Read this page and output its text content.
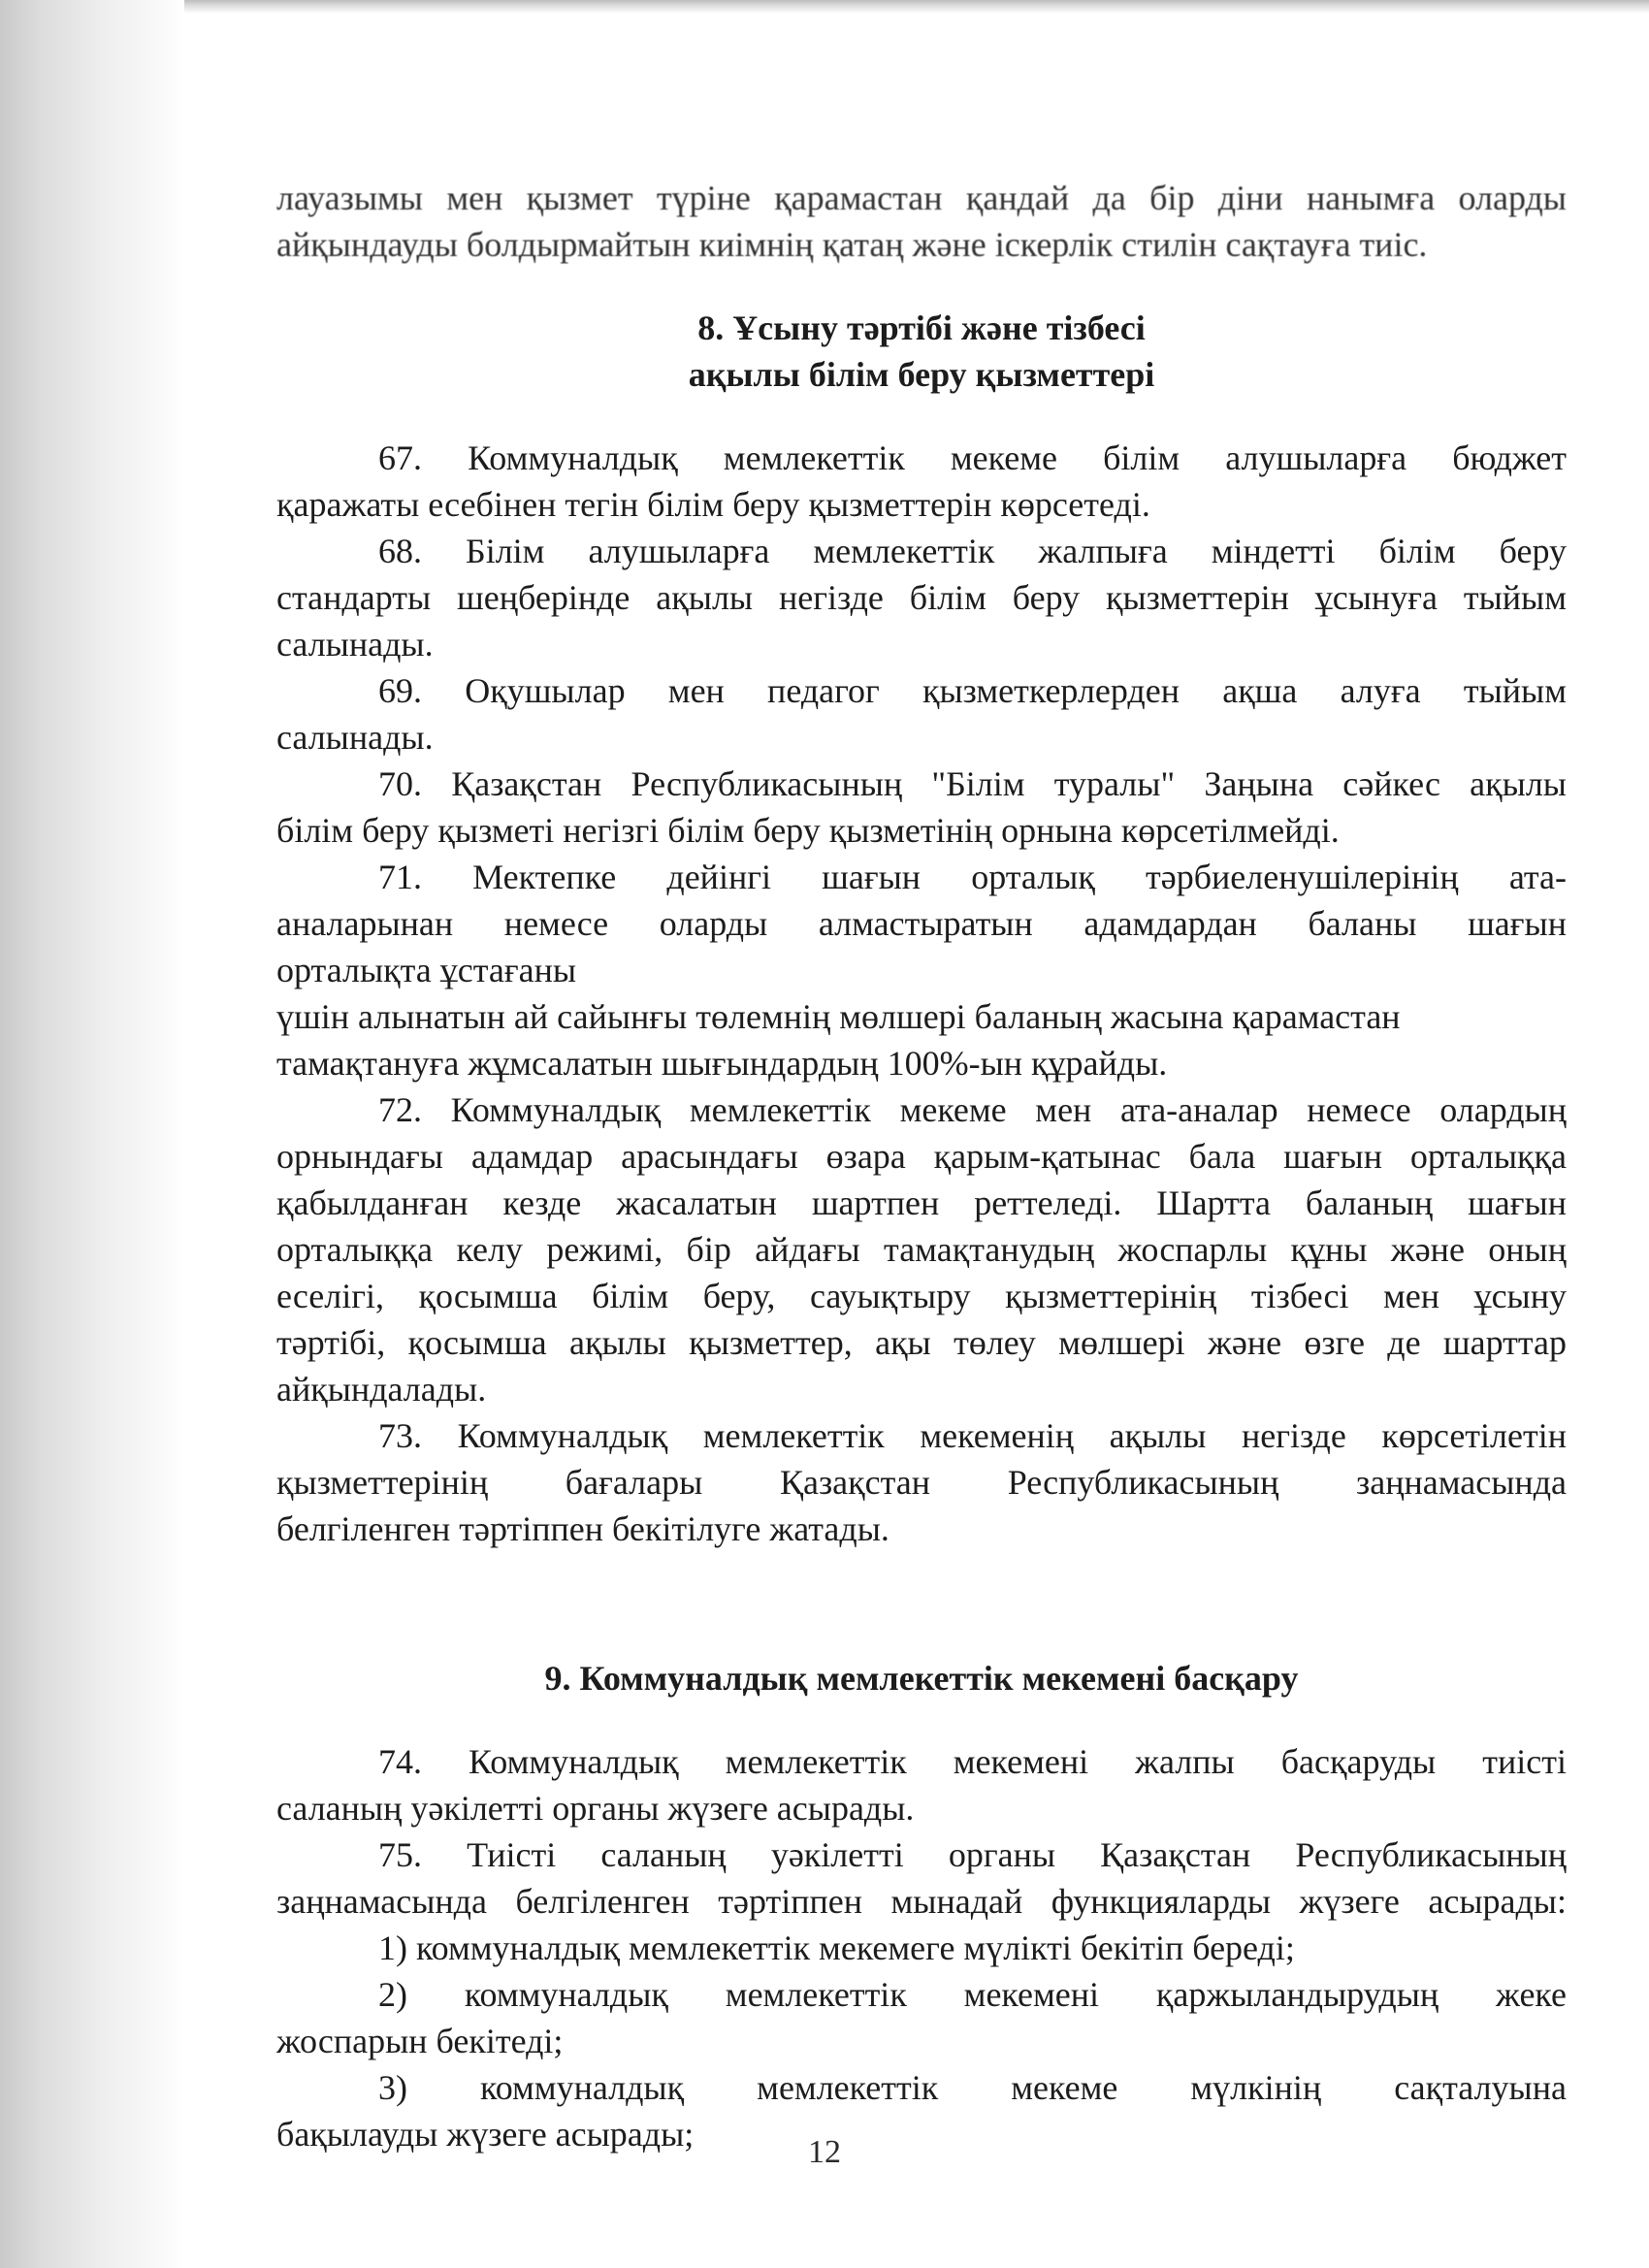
лауазымы мен қызмет түріне қарамастан қандай да бір діни нанымға оларды
айқындауды болдырмайтын киімнің қатаң және іскерлік стилін сақтауға тиіс.
8. Ұсыну тәртібі және тізбесі
ақылы білім беру қызметтері
67. Коммуналдық мемлекеттік мекеме білім алушыларға бюджет
қаражаты есебінен тегін білім беру қызметтерін көрсетеді.
68. Білім алушыларға мемлекеттік жалпыға міндетті білім беру
стандарты шеңберінде ақылы негізде білім беру қызметтерін ұсынуға тыйым
салынады.
69. Оқушылар мен педагог қызметкерлерден ақша алуға тыйым
салынады.
70. Қазақстан Республикасының "Білім туралы" Заңына сәйкес ақылы
білім беру қызметі негізгі білім беру қызметінің орнына көрсетілмейді.
71. Мектепке дейінгі шағын орталық тәрбиеленушілерінің ата-
аналарынан немесе оларды алмастыратын адамдардан баланы шағын
орталықта ұстағаны
үшін алынатын ай сайынғы төлемнің мөлшері баланың жасына қарамастан
тамақтануға жұмсалатын шығындардың 100%-ын құрайды.
72. Коммуналдық мемлекеттік мекеме мен ата-аналар немесе олардың
орнындағы адамдар арасындағы өзара қарым-қатынас бала шағын орталыққа
қабылданған кезде жасалатын шартпен реттеледі. Шартта баланың шағын
орталыққа келу режимі, бір айдағы тамақтанудың жоспарлы құны және оның
еселігі, қосымша білім беру, сауықтыру қызметтерінің тізбесі мен ұсыну
тәртібі, қосымша ақылы қызметтер, ақы төлеу мөлшері және өзге де шарттар
айқындалады.
73. Коммуналдық мемлекеттік мекеменің ақылы негізде көрсетілетін
қызметтерінің бағалары Қазақстан Республикасының заңнамасында
белгіленген тәртіппен бекітілуге жатады.
9. Коммуналдық мемлекеттік мекемені басқару
74. Коммуналдық мемлекеттік мекемені жалпы басқаруды тиісті
саланың уәкілетті органы жүзеге асырады.
75. Тиісті саланың уәкілетті органы Қазақстан Республикасының
заңнамасында белгіленген тәртіппен мынадай функцияларды жүзеге асырады:
1) коммуналдық мемлекеттік мекемеге мүлікті бекітіп береді;
2) коммуналдық мемлекеттік мекемені қаржыландырудың жеке
жоспарын бекітеді;
3) коммуналдық мемлекеттік мекеме мүлкінің сақталуына
бақылауды жүзеге асырады;	12
